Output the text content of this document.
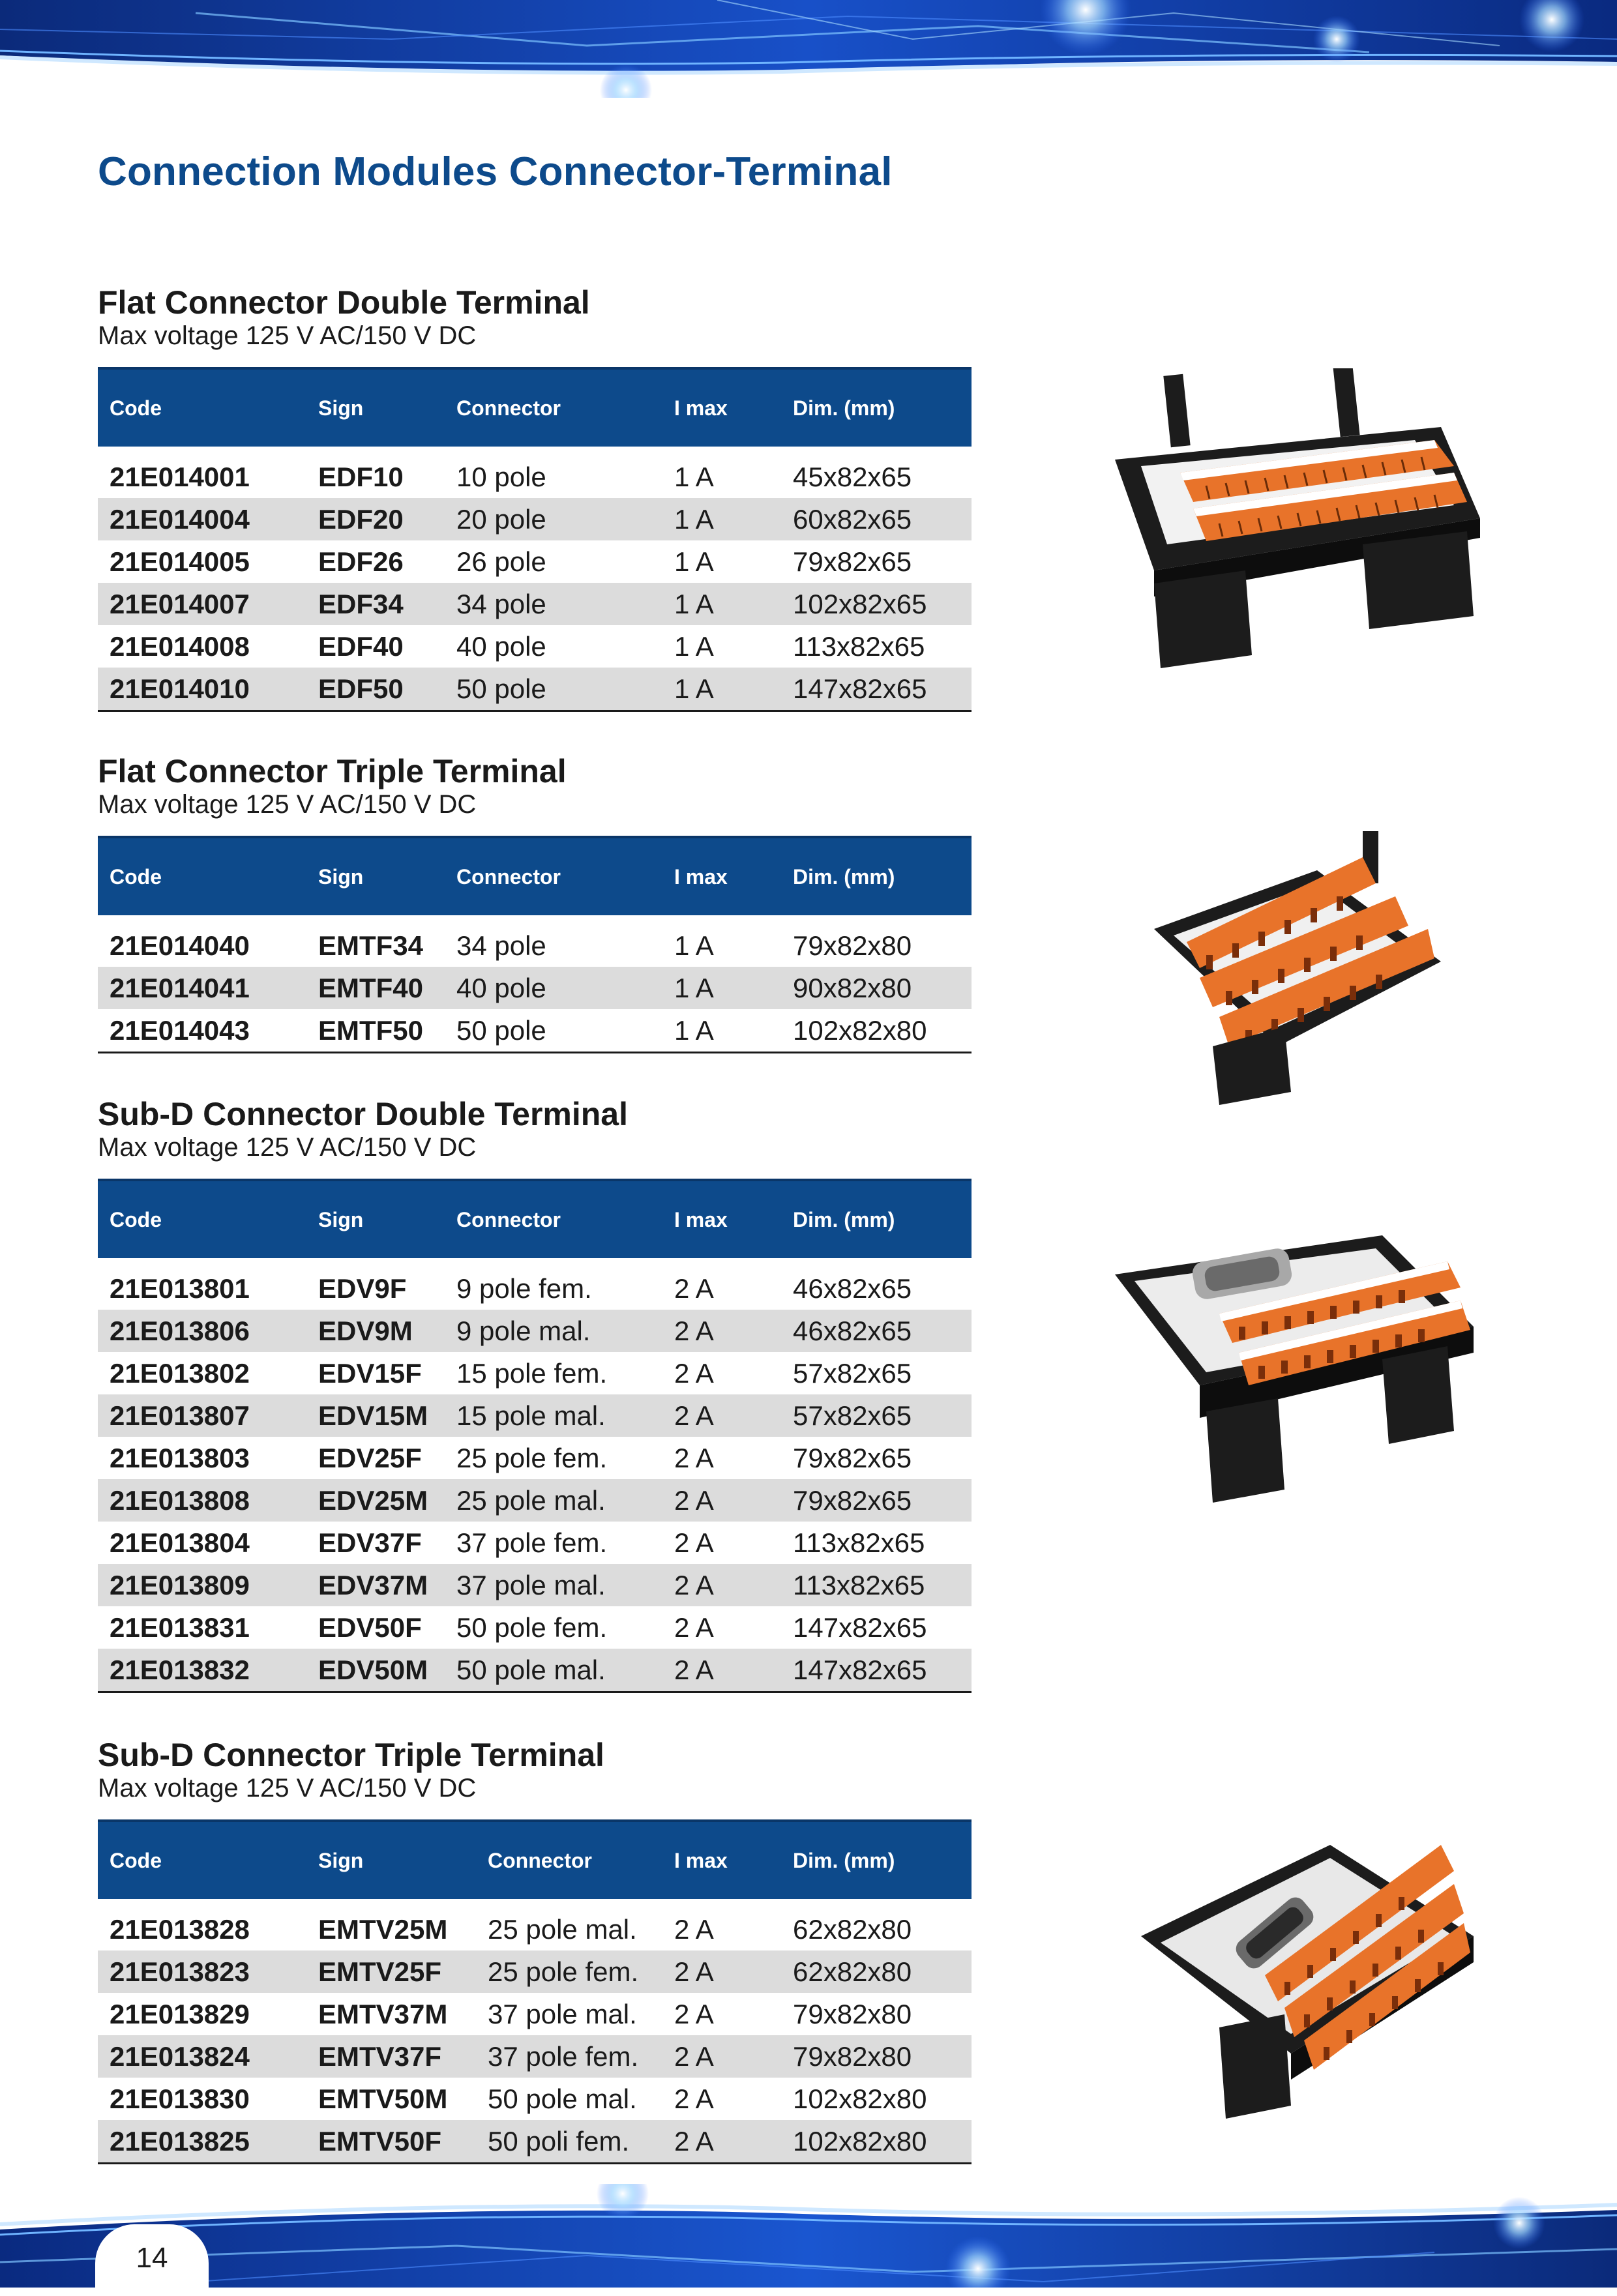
Connection Modules Connector-Terminal
Flat Connector Double Terminal

Max voltage 125 V AC/150 V DC

Code	Sign	Connector	I max	Dim. (mm)

21E014001	EDF10	10 pole	1 A	45x82x65
21E014004	EDF20	20 pole	1 A	60x82x65
21E014005	EDF26	26 pole	1 A	79x82x65
21E014007	EDF34	34 pole	1 A	102x82x65
21E014008	EDF40	40 pole	1 A	113x82x65
21E014010	EDF50	50 pole	1 A	147x82x65
Flat Connector Triple Terminal

Max voltage 125 V AC/150 V DC

Code	Sign	Connector	I max	Dim. (mm)

21E014040	EMTF34	34 pole	1 A	79x82x80
21E014041	EMTF40	40 pole	1 A	90x82x80
21E014043	EMTF50	50 pole	1 A	102x82x80
Sub-D Connector Double Terminal

Max voltage 125 V AC/150 V DC

Code	Sign	Connector	I max	Dim. (mm)

21E013801	EDV9F	9 pole fem.	2 A	46x82x65
21E013806	EDV9M	9 pole mal.	2 A	46x82x65
21E013802	EDV15F	15 pole fem.	2 A	57x82x65
21E013807	EDV15M	15 pole mal.	2 A	57x82x65
21E013803	EDV25F	25 pole fem.	2 A	79x82x65
21E013808	EDV25M	25 pole mal.	2 A	79x82x65
21E013804	EDV37F	37 pole fem.	2 A	113x82x65
21E013809	EDV37M	37 pole mal.	2 A	113x82x65
21E013831	EDV50F	50 pole fem.	2 A	147x82x65
21E013832	EDV50M	50 pole mal.	2 A	147x82x65
Sub-D Connector Triple Terminal

Max voltage 125 V AC/150 V DC

Code	Sign	Connector	I max	Dim. (mm)

21E013828	EMTV25M	25 pole mal.	2 A	62x82x80
21E013823	EMTV25F	25 pole fem.	2 A	62x82x80
21E013829	EMTV37M	37 pole mal.	2 A	79x82x80
21E013824	EMTV37F	37 pole fem.	2 A	79x82x80
21E013830	EMTV50M	50 pole mal.	2 A	102x82x80
21E013825	EMTV50F	50 poli fem.	2 A	102x82x80
14
